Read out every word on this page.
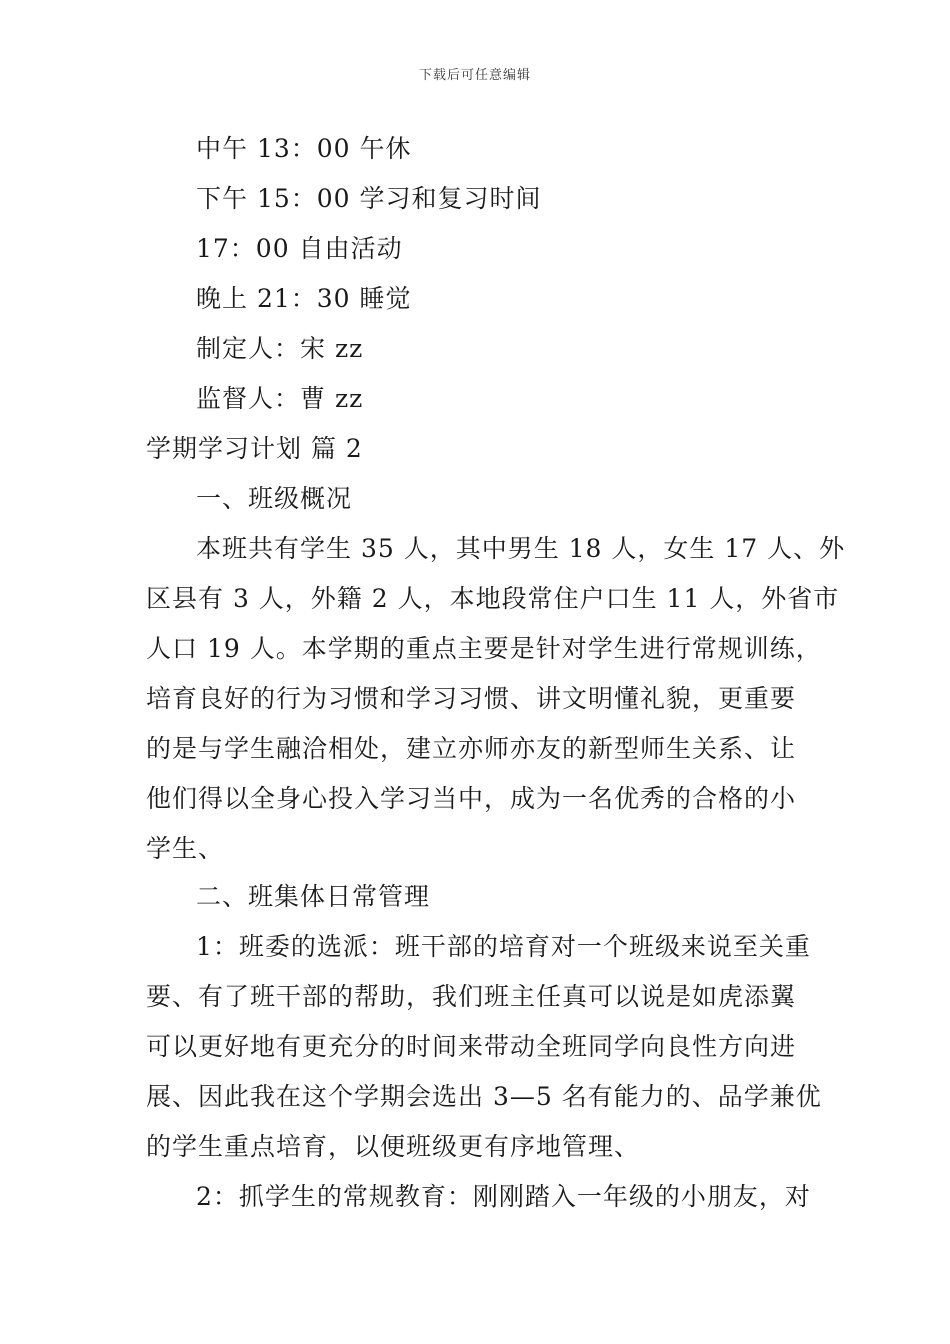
下载后可任意编辑
中午 13：00 午休
下午 15：00 学习和复习时间
17：00 自由活动
晚上 21：30 睡觉
制定人：宋 zz
监督人：曹 zz
学期学习计划 篇 2
一、班级概况
本班共有学生 35 人，其中男生 18 人，女生 17 人、外
区县有 3 人，外籍 2 人，本地段常住户口生 11 人，外省市
人口 19 人。本学期的重点主要是针对学生进行常规训练，
培育良好的行为习惯和学习习惯、讲文明懂礼貌，更重要
的是与学生融洽相处，建立亦师亦友的新型师生关系、让
他们得以全身心投入学习当中，成为一名优秀的合格的小
学生、
二、班集体日常管理
1：班委的选派：班干部的培育对一个班级来说至关重
要、有了班干部的帮助，我们班主任真可以说是如虎添翼
可以更好地有更充分的时间来带动全班同学向良性方向进
展、因此我在这个学期会选出 3—5 名有能力的、品学兼优
的学生重点培育，以便班级更有序地管理、
2：抓学生的常规教育：刚刚踏入一年级的小朋友，对
